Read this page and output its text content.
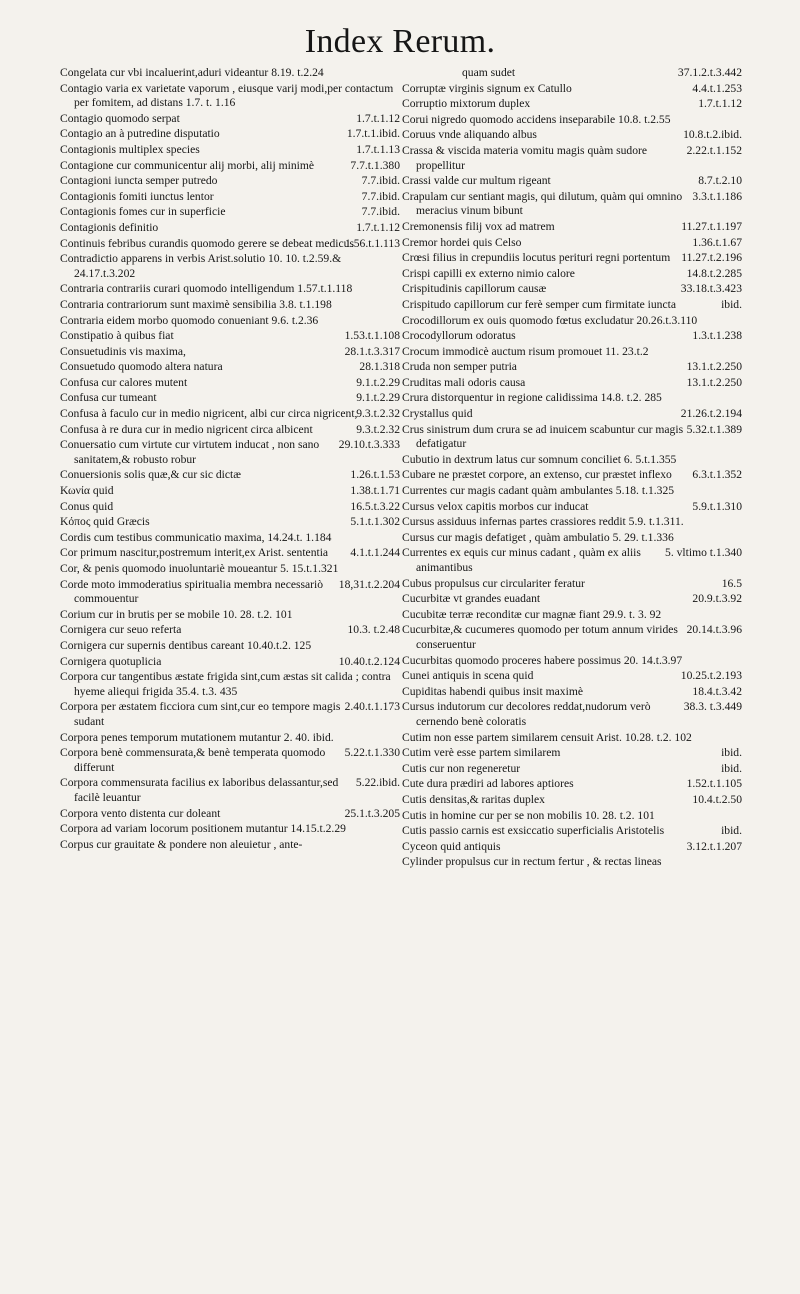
Index Rerum.
Congelata cur vbi incaluerint,aduri videantur 8.19. t.2.24
Contagio varia ex varietate vaporum , eiusque varij modi,per contactum per fomitem, ad distans 1.7. t. 1.16
1.7.t.1.12
Contagio quomodo serpat
1.7.t.1.ibid.
Contagio an à putredine disputatio
1.7.t.1.13
Contagionis multiplex species
7.7.t.1.380
Contagione cur communicentur alij morbi, alij minimè
7.7.ibid.
Contagioni iuncta semper putredo
7.7.ibid.
Contagionis fomiti iunctus lentor
7.7.ibid.
Contagionis fomes cur in superficie
1.7.t.1.12
Contagionis definitio
1.56.t.1.113
Continuis febribus curandis quomodo gerere se debeat medicus
Contradictio apparens in verbis Arist.solutio 10. 10. t.2.59.& 24.17.t.3.202
Contraria contrariis curari quomodo intelligendum 1.57.t.1.118
Contraria contrariorum sunt maximè sensibilia 3.8. t.1.198
Contraria eidem morbo quomodo conueniant 9.6. t.2.36
1.53.t.1.108
Constipatio à quibus fiat
28.1.t.3.317
Consuetudinis vis maxima,
28.1.318
Consuetudo quomodo altera natura
9.1.t.2.29
Confusa cur calores mutent
9.1.t.2.29
Confusa cur tumeant
9.3.t.2.32
Confusa à faculo cur in medio nigricent, albi cur circa nigricent,
9.3.t.2.32
Confusa à re dura cur in medio nigricent circa albicent
29.10.t.3.333
Conuersatio cum virtute cur virtutem inducat , non sano sanitatem,& robusto robur
1.26.t.1.53
Conuersionis solis quæ,& cur sic dictæ
1.38.t.1.71
Κωνία quid
16.5.t.3.22
Conus quid
5.1.t.1.302
Κόπος quid Græcis
Cordis cum testibus communicatio maxima, 14.24.t. 1.184
4.1.t.1.244
Cor primum nascitur,postremum interit,ex Arist. sententia
Cor, & penis quomodo inuoluntariè moueantur 5. 15.t.1.321
18,31.t.2.204
Corde moto immoderatius spiritualia membra necessariò commouentur
Corium cur in brutis per se mobile 10. 28. t.2. 101
10.3. t.2.48
Cornigera cur seuo referta
Cornigera cur supernis dentibus careant 10.40.t.2. 125
10.40.t.2.124
Cornigera quotuplicia
Corpora cur tangentibus æstate frigida sint,cum æstas sit calida ; contra hyeme aliequi frigida 35.4. t.3. 435
2.40.t.1.173
Corpora per æstatem ficciora cum sint,cur eo tempore magis sudant
Corpora penes temporum mutationem mutantur 2. 40. ibid.
5.22.t.1.330
Corpora benè commensurata,& benè temperata quomodo differunt
5.22.ibid.
Corpora commensurata facilius ex laboribus delassantur,sed facilè leuantur
25.1.t.3.205
Corpora vento distenta cur doleant
Corpora ad variam locorum positionem mutantur 14.15.t.2.29
Corpus cur grauitate & pondere non aleuietur , ante-
37.1.2.t.3.442
quam sudet
4.4.t.1.253
Corruptæ virginis signum ex Catullo
1.7.t.1.12
Corruptio mixtorum duplex
Corui nigredo quomodo accidens inseparabile 10.8. t.2.55
10.8.t.2.ibid.
Coruus vnde aliquando albus
2.22.t.1.152
Crassa & viscida materia vomitu magis quàm sudore propellitur
8.7.t.2.10
Crassi valde cur multum rigeant
3.3.t.1.186
Crapulam cur sentiant magis, qui dilutum, quàm qui omnino meracius vinum bibunt
11.27.t.1.197
Cremonensis filij vox ad matrem
1.36.t.1.67
Cremor hordei quis Celso
11.27.t.2.196
Crœsi filius in crepundiis locutus perituri regni portentum
14.8.t.2.285
Crispi capilli ex externo nimio calore
33.18.t.3.423
Crispitudinis capillorum causæ
ibid.
Crispitudo capillorum cur ferè semper cum firmitate iuncta
Crocodillorum ex ouis quomodo fœtus excludatur 20.26.t.3.110
1.3.t.1.238
Crocodyllorum odoratus
Crocum immodicè auctum risum promouet 11. 23.t.2
13.1.t.2.250
Cruda non semper putria
13.1.t.2.250
Cruditas mali odoris causa
Crura distorquentur in regione calidissima 14.8. t.2. 285
21.26.t.2.194
Crystallus quid
5.32.t.1.389
Crus sinistrum dum crura se ad inuicem scabuntur cur magis defatigatur
Cubutio in dextrum latus cur somnum conciliet 6. 5.t.1.355
6.3.t.1.352
Cubare ne præstet corpore, an extenso, cur præstet inflexo
Currentes cur magis cadant quàm ambulantes 5.18. t.1.325
5.9.t.1.310
Cursus velox capitis morbos cur inducat
Cursus assiduus infernas partes crassiores reddit 5.9. t.1.311.
Cursus cur magis defatiget , quàm ambulatio 5. 29. t.1.336
5. vltimo t.1.340
Currentes ex equis cur minus cadant , quàm ex aliis animantibus
16.5
Cubus propulsus cur circulariter feratur
20.9.t.3.92
Cucurbitæ vt grandes euadant
Cucubitæ terræ reconditæ cur magnæ fiant 29.9. t. 3. 92
20.14.t.3.96
Cucurbitæ,& cucumeres quomodo per totum annum virides conseruentur
Cucurbitas quomodo proceres habere possimus 20. 14.t.3.97
10.25.t.2.193
Cunei antiquis in scena quid
18.4.t.3.42
Cupiditas habendi quibus insit maximè
38.3. t.3.449
Cursus indutorum cur decolores reddat,nudorum verò cernendo benè coloratis
Cutim non esse partem similarem censuit Arist. 10.28. t.2. 102
ibid.
Cutim verè esse partem similarem
ibid.
Cutis cur non regeneretur
1.52.t.1.105
Cute dura prædiri ad labores aptiores
10.4.t.2.50
Cutis densitas,& raritas duplex
Cutis in homine cur per se non mobilis 10. 28. t.2. 101
ibid.
Cutis passio carnis est exsiccatio superficialis Aristotelis
3.12.t.1.207
Cyceon quid antiquis
Cylinder propulsus cur in rectum fertur , & rectas lineas
